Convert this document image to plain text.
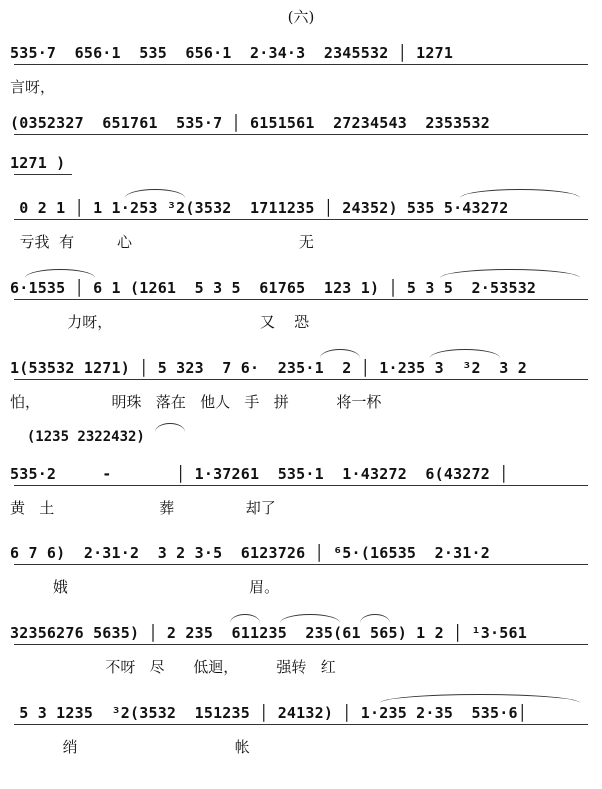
(六)
535·7  656·1  535  656·1  2·34·3  2345532 │ 1271
言呀，
(0352327  651761  535·7 │ 6151561  27234543  2353532
1271 )
0 2 1 │ 1 1·253 ³2(3532  1711235 │ 24352) 535 5·43272
亏我  有         心                                   无
6·1535 │ 6 1 (1261  5 3 5  61765  123 1) │ 5 3 5  2·53532
力呀，                               又    恐
1(53532 1271) │ 5 323  7 6·  235·1  2 │ 1·235 3  ³2  3 2
怕，               明珠   落在   他人   手   拼          将一杯
(1235 2322432)
535·2     -       │ 1·37261  535·1  1·43272  6(43272 │
黄   土                      葬               却了
6 7 6)  2·31·2  3 2 3·5  6123726 │ ⁶5·(16535  2·31·2
娥                                      眉。
32356276 5635) │ 2 235  611235  235(61 565) 1 2 │ ¹3·561
不呀   尽      低迴，        强转   红
5 3 1235  ³2(3532  151235 │ 24132) │ 1·235 2·35  535·6│
绡                                 帐
